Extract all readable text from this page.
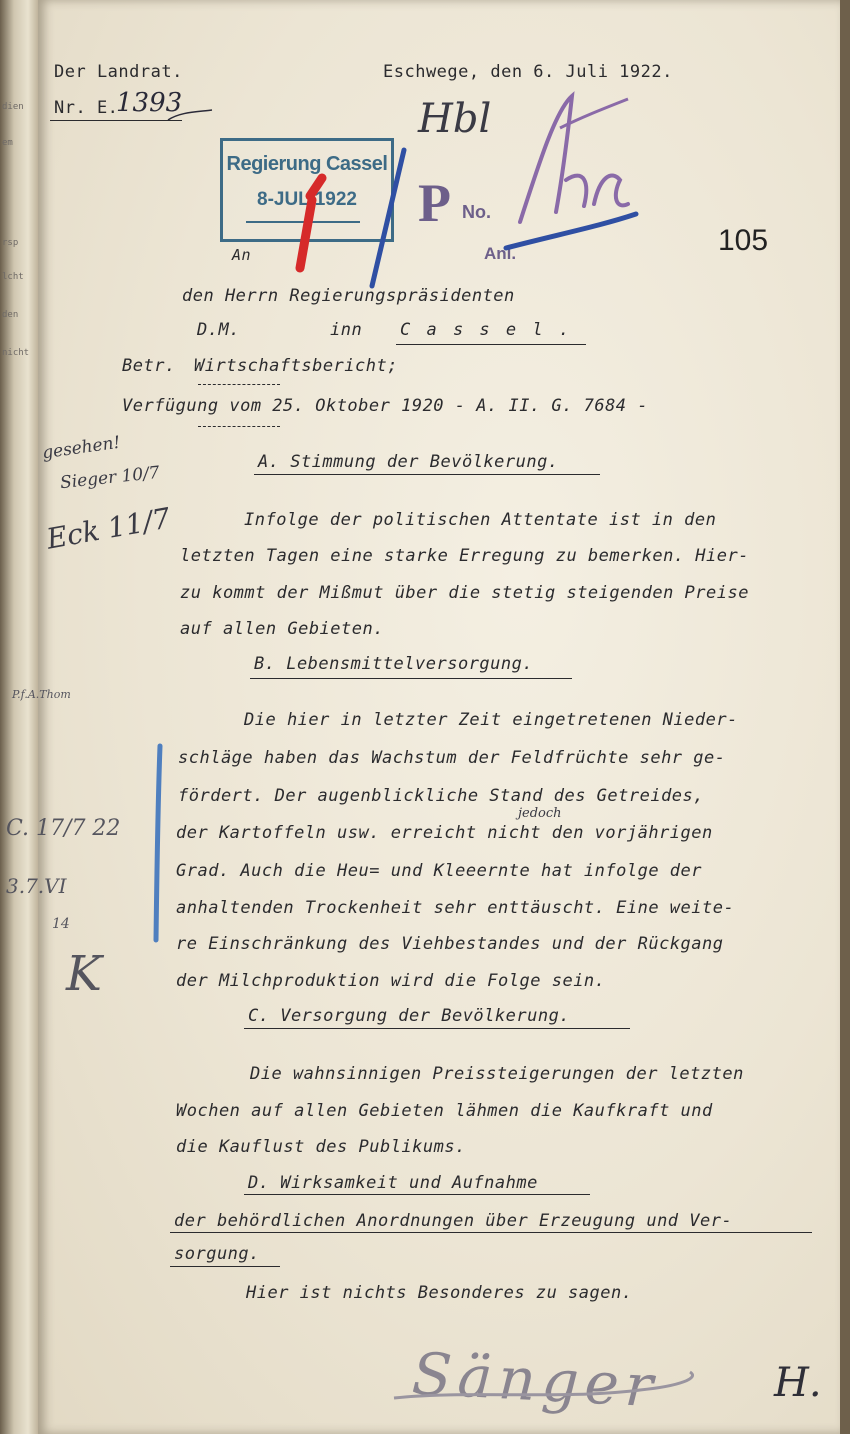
dien
em
rsp
lcht
den
nicht
Der Landrat.
Nr. E.
1393
Eschwege, den 6. Juli 1922.
Regierung Cassel
8-JUL 1922	P No.
Anl.
Hbl
105
An
den Herrn Regierungspräsidenten
D.M.	inn C a s s e l .
Betr. Wirtschaftsbericht;
Verfügung vom 25. Oktober 1920 - A. II. G. 7684 -
A. Stimmung der Bevölkerung.
Infolge der politischen Attentate ist in den
letzten Tagen eine starke Erregung zu bemerken. Hier-
zu kommt der Mißmut über die stetig steigenden Preise
auf allen Gebieten.
B. Lebensmittelversorgung.
Die hier in letzter Zeit eingetretenen Nieder-
schläge haben das Wachstum der Feldfrüchte sehr ge-
fördert. Der augenblickliche Stand des Getreides,
der Kartoffeln usw. erreicht nicht den vorjährigen
jedoch
Grad. Auch die Heu= und Kleeernte hat infolge der
anhaltenden Trockenheit sehr enttäuscht. Eine weite-
re Einschränkung des Viehbestandes und der Rückgang
der Milchproduktion wird die Folge sein.
C. Versorgung der Bevölkerung.
Die wahnsinnigen Preissteigerungen der letzten
Wochen auf allen Gebieten lähmen die Kaufkraft und
die Kauflust des Publikums.
D. Wirksamkeit und Aufnahme
der behördlichen Anordnungen über Erzeugung und Ver-
sorgung.
Hier ist nichts Besonderes zu sagen.
gesehen!
Sieger 10/7
Eck 11/7
P.f.A.Thom
C. 17/7 22
3.7.VI
14
K
Sänger	H.
